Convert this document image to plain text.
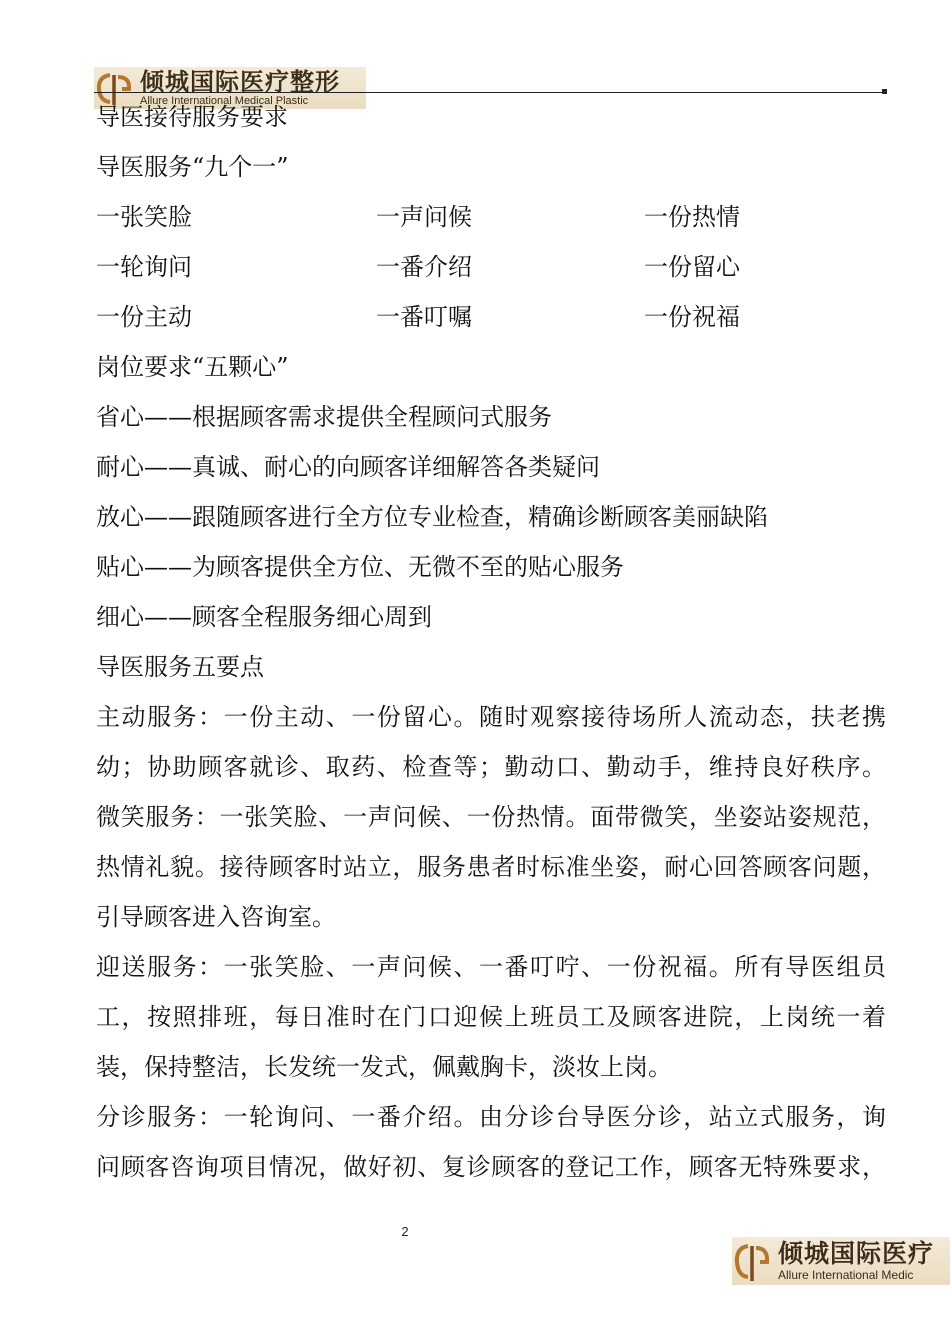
倾城国际医疗整形
Allure International Medical Plastic
导医接待服务要求
导医服务“九个一”
一张笑脸	一声问候	一份热情
一轮询问	一番介绍	一份留心
一份主动	一番叮嘱	一份祝福
岗位要求“五颗心”
省心——根据顾客需求提供全程顾问式服务
耐心——真诚、耐心的向顾客详细解答各类疑问
放心——跟随顾客进行全方位专业检查，精确诊断顾客美丽缺陷
贴心——为顾客提供全方位、无微不至的贴心服务
细心——顾客全程服务细心周到
导医服务五要点
主动服务：一份主动、一份留心。随时观察接待场所人流动态，扶老携
幼；协助顾客就诊、取药、检查等；勤动口、勤动手，维持良好秩序。
微笑服务：一张笑脸、一声问候、一份热情。面带微笑，坐姿站姿规范，
热情礼貌。接待顾客时站立，服务患者时标准坐姿，耐心回答顾客问题，
引导顾客进入咨询室。
迎送服务：一张笑脸、一声问候、一番叮咛、一份祝福。所有导医组员
工，按照排班，每日准时在门口迎候上班员工及顾客进院，上岗统一着
装，保持整洁，长发统一发式，佩戴胸卡，淡妆上岗。
分诊服务：一轮询问、一番介绍。由分诊台导医分诊，站立式服务，询
问顾客咨询项目情况，做好初、复诊顾客的登记工作，顾客无特殊要求，
2
倾城国际医疗
Allure International Medic
